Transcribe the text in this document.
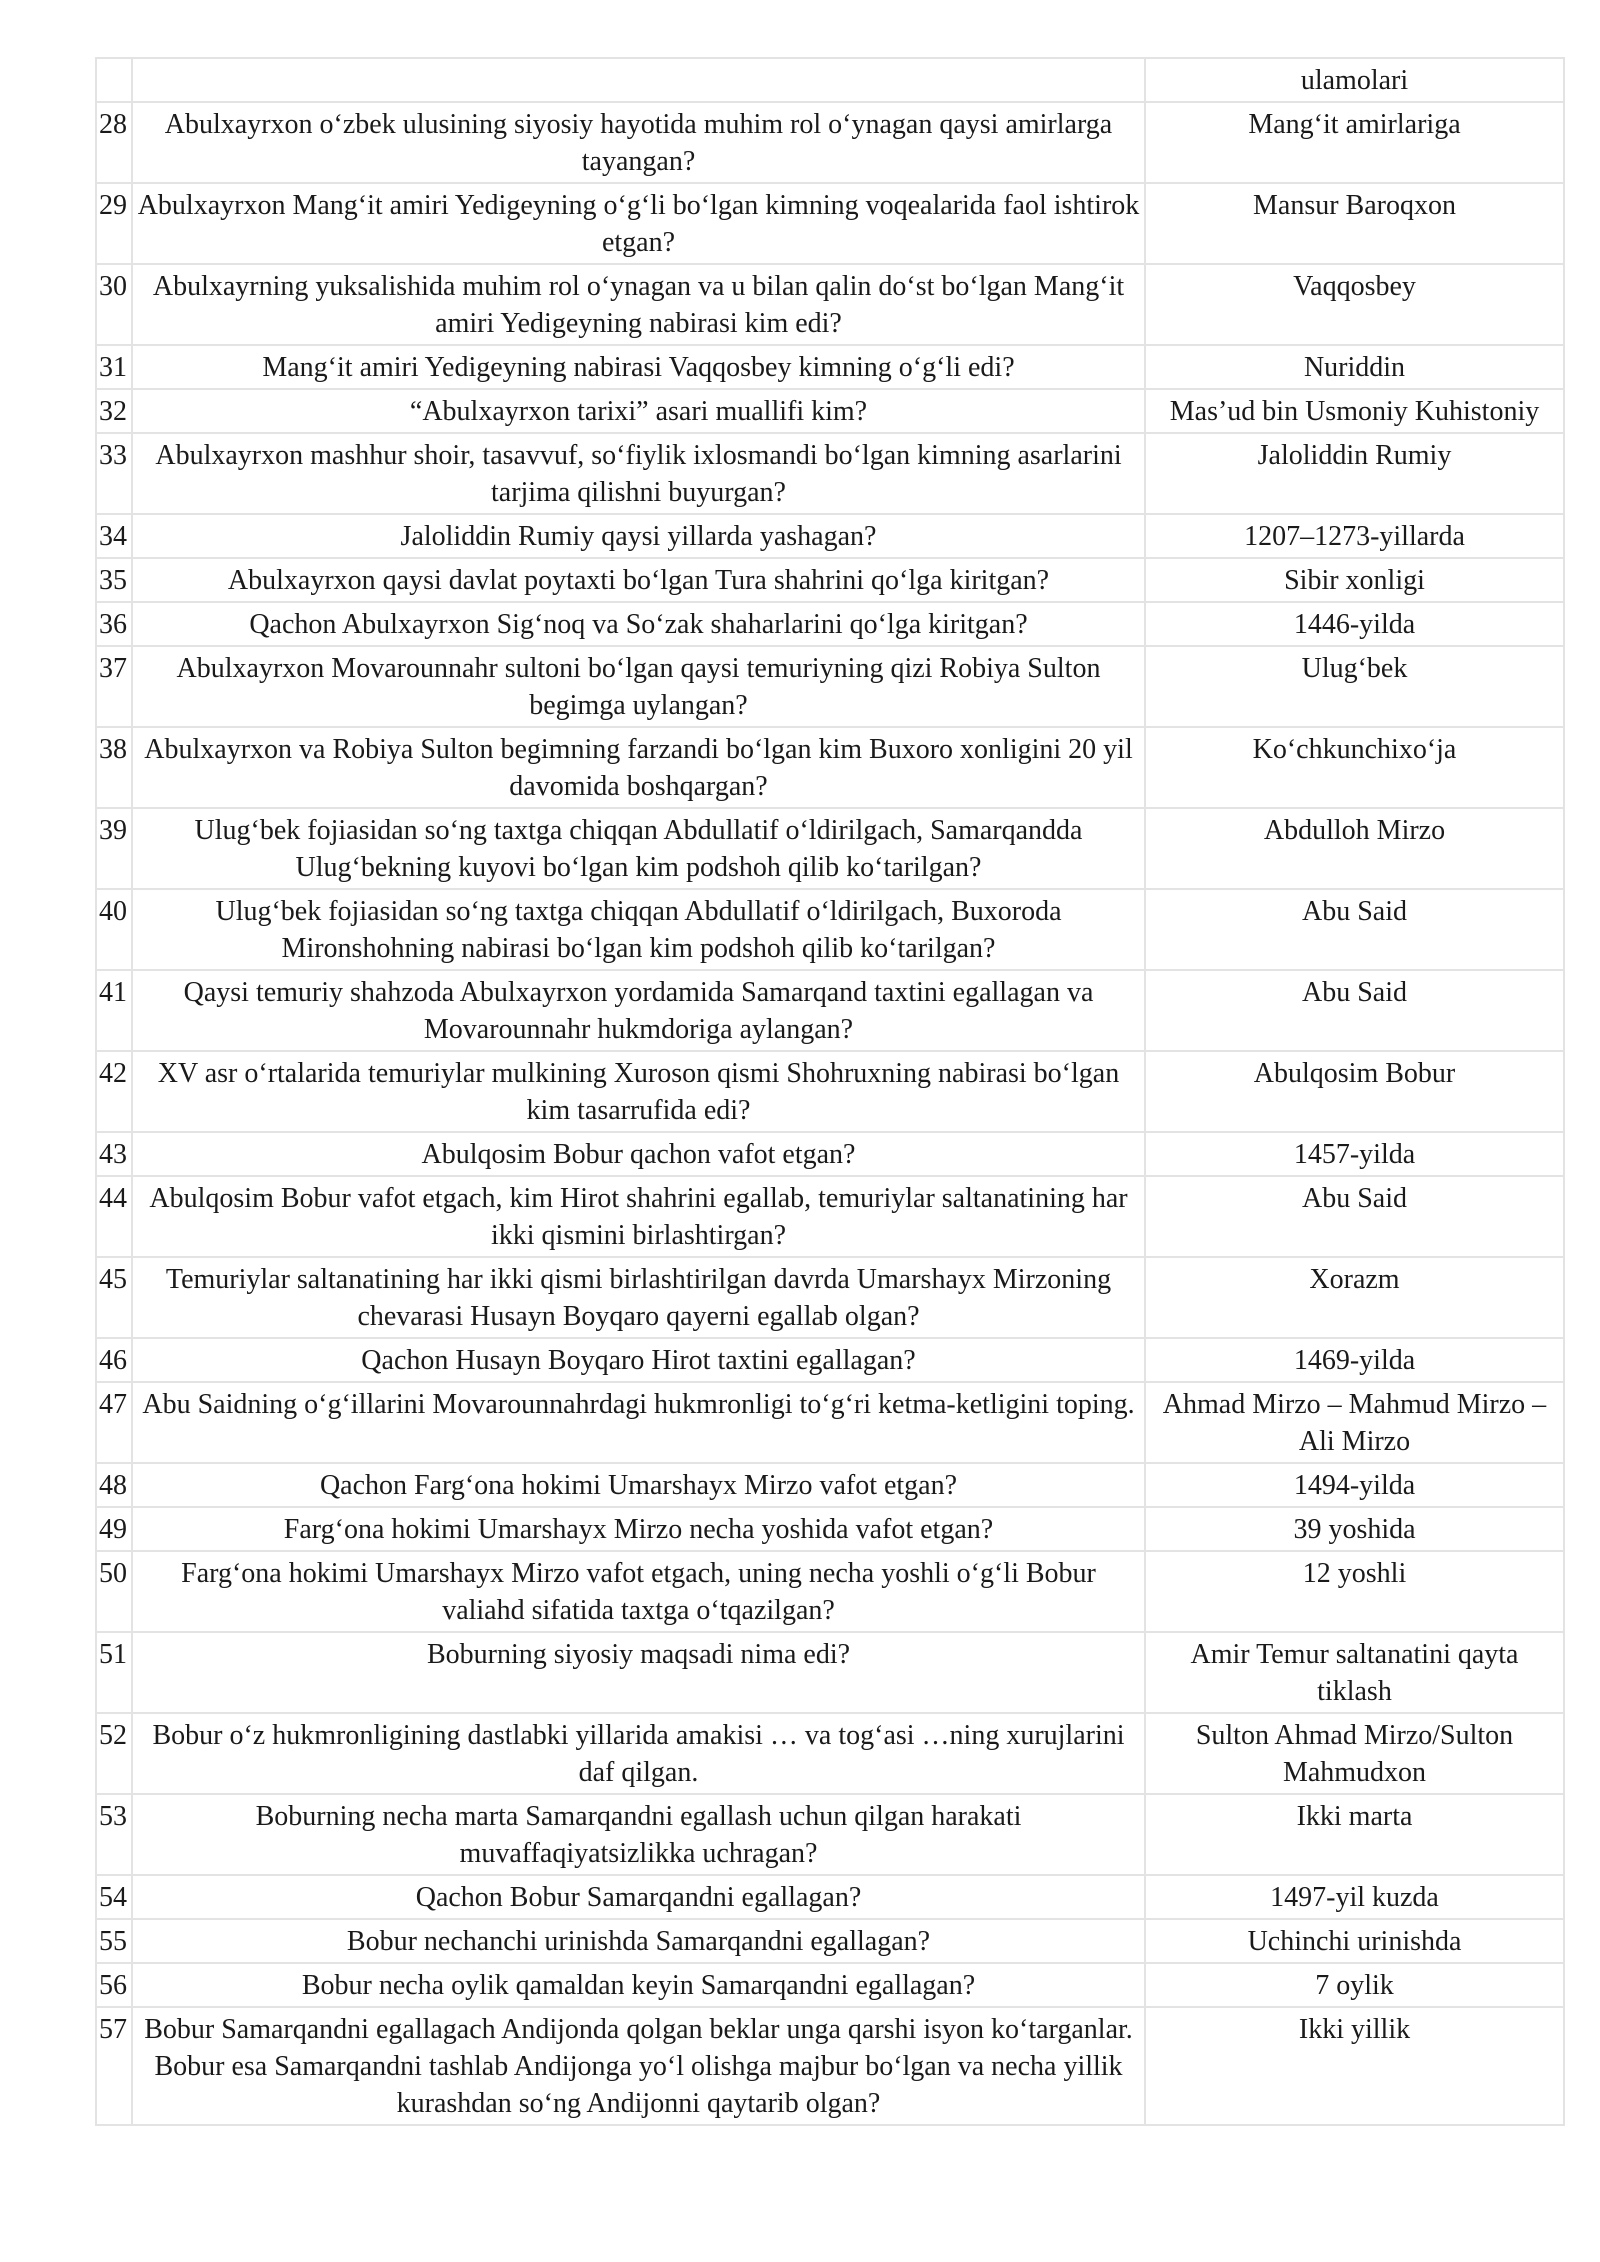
		ulamolari
28	Abulxayrxon o‘zbek ulusining siyosiy hayotida muhim rol o‘ynagan qaysi amirlarga tayangan?	Mang‘it amirlariga
29	Abulxayrxon Mang‘it amiri Yedigeyning o‘g‘li bo‘lgan kimning voqealarida faol ishtirok etgan?	Mansur Baroqxon
30	Abulxayrning yuksalishida muhim rol o‘ynagan va u bilan qalin do‘st bo‘lgan Mang‘it amiri Yedigeyning nabirasi kim edi?	Vaqqosbey
31	Mang‘it amiri Yedigeyning nabirasi Vaqqosbey kimning o‘g‘li edi?	Nuriddin
32	“Abulxayrxon tarixi” asari muallifi kim?	Mas’ud bin Usmoniy Kuhistoniy
33	Abulxayrxon mashhur shoir, tasavvuf, so‘fiylik ixlosmandi bo‘lgan kimning asarlarini tarjima qilishni buyurgan?	Jaloliddin Rumiy
34	Jaloliddin Rumiy qaysi yillarda yashagan?	1207–1273-yillarda
35	Abulxayrxon qaysi davlat poytaxti bo‘lgan Tura shahrini qo‘lga kiritgan?	Sibir xonligi
36	Qachon Abulxayrxon Sig‘noq va So‘zak shaharlarini qo‘lga kiritgan?	1446-yilda
37	Abulxayrxon Movarounnahr sultoni bo‘lgan qaysi temuriyning qizi Robiya Sulton begimga uylangan?	Ulug‘bek
38	Abulxayrxon va Robiya Sulton begimning farzandi bo‘lgan kim Buxoro xonligini 20 yil davomida boshqargan?	Ko‘chkunchixo‘ja
39	Ulug‘bek fojiasidan so‘ng taxtga chiqqan Abdullatif o‘ldirilgach, Samarqandda Ulug‘bekning kuyovi bo‘lgan kim podshoh qilib ko‘tarilgan?	Abdulloh Mirzo
40	Ulug‘bek fojiasidan so‘ng taxtga chiqqan Abdullatif o‘ldirilgach, Buxoroda Mironshohning nabirasi bo‘lgan kim podshoh qilib ko‘tarilgan?	Abu Said
41	Qaysi temuriy shahzoda Abulxayrxon yordamida Samarqand taxtini egallagan va Movarounnahr hukmdoriga aylangan?	Abu Said
42	XV asr o‘rtalarida temuriylar mulkining Xuroson qismi Shohruxning nabirasi bo‘lgan kim tasarrufida edi?	Abulqosim Bobur
43	Abulqosim Bobur qachon vafot etgan?	1457-yilda
44	Abulqosim Bobur vafot etgach, kim Hirot shahrini egallab, temuriylar saltanatining har ikki qismini birlashtirgan?	Abu Said
45	Temuriylar saltanatining har ikki qismi birlashtirilgan davrda Umarshayx Mirzoning chevarasi Husayn Boyqaro qayerni egallab olgan?	Xorazm
46	Qachon Husayn Boyqaro Hirot taxtini egallagan?	1469-yilda
47	Abu Saidning o‘g‘illarini Movarounnahrdagi hukmronligi to‘g‘ri ketma-ketligini toping.	Ahmad Mirzo – Mahmud Mirzo – Ali Mirzo
48	Qachon Farg‘ona hokimi Umarshayx Mirzo vafot etgan?	1494-yilda
49	Farg‘ona hokimi Umarshayx Mirzo necha yoshida vafot etgan?	39 yoshida
50	Farg‘ona hokimi Umarshayx Mirzo vafot etgach, uning necha yoshli o‘g‘li Bobur valiahd sifatida taxtga o‘tqazilgan?	12 yoshli
51	Boburning siyosiy maqsadi nima edi?	Amir Temur saltanatini qayta tiklash
52	Bobur o‘z hukmronligining dastlabki yillarida amakisi … va tog‘asi …ning xurujlarini daf qilgan.	Sulton Ahmad Mirzo/Sulton Mahmudxon
53	Boburning necha marta Samarqandni egallash uchun qilgan harakati muvaffaqiyatsizlikka uchragan?	Ikki marta
54	Qachon Bobur Samarqandni egallagan?	1497-yil kuzda
55	Bobur nechanchi urinishda Samarqandni egallagan?	Uchinchi urinishda
56	Bobur necha oylik qamaldan keyin Samarqandni egallagan?	7 oylik
57	Bobur Samarqandni egallagach Andijonda qolgan beklar unga qarshi isyon ko‘targanlar. Bobur esa Samarqandni tashlab Andijonga yo‘l olishga majbur bo‘lgan va necha yillik kurashdan so‘ng Andijonni qaytarib olgan?	Ikki yillik
